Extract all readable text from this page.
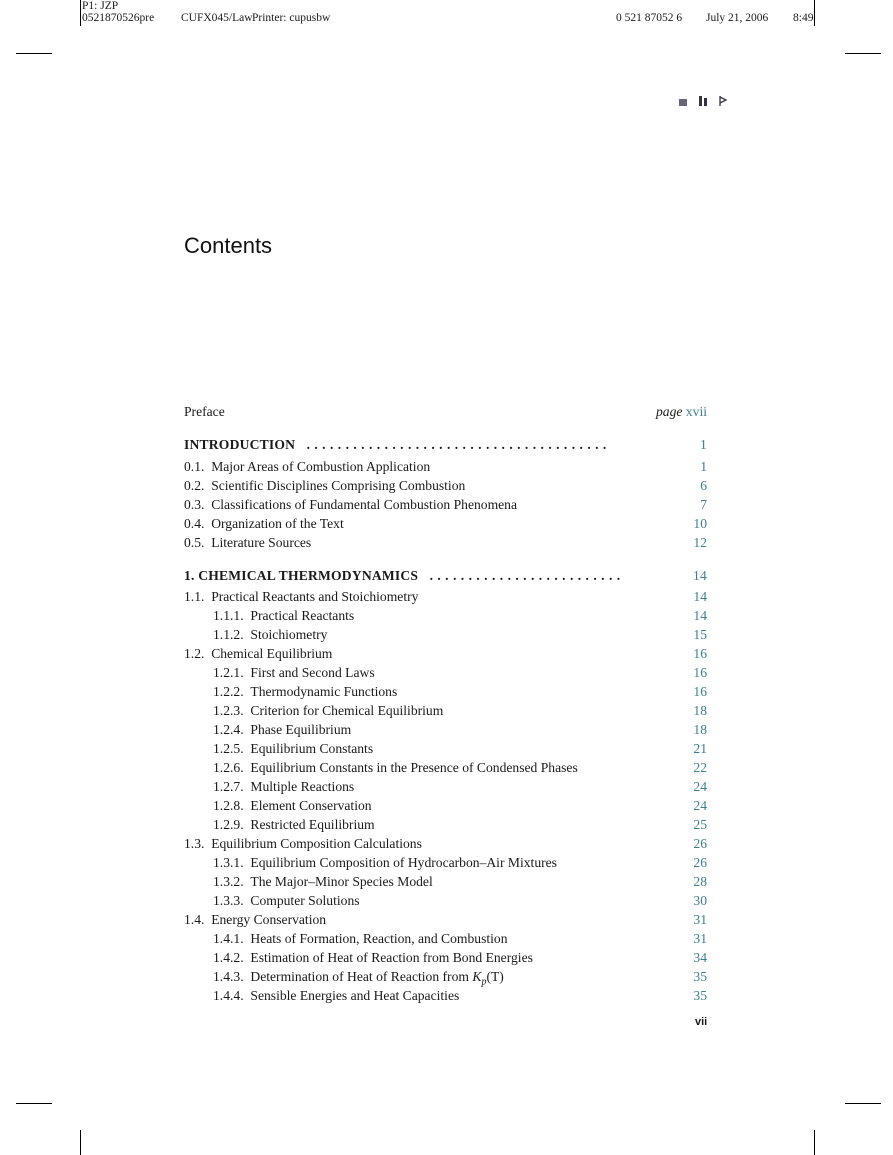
P1: JZP
0521870526pre CUFX045/Law Printer: cupusbw	0 521 87052 6 July 21, 2006 8:49
Contents
Preface	page xvii
INTRODUCTION  .......................................	1
0.1. Major Areas of Combustion Application	1
0.2. Scientific Disciplines Comprising Combustion	6
0.3. Classifications of Fundamental Combustion Phenomena	7
0.4. Organization of the Text	10
0.5. Literature Sources	12
1. CHEMICAL THERMODYNAMICS  .........................	14
1.1. Practical Reactants and Stoichiometry	14
1.1.1. Practical Reactants	14
1.1.2. Stoichiometry	15
1.2. Chemical Equilibrium	16
1.2.1. First and Second Laws	16
1.2.2. Thermodynamic Functions	16
1.2.3. Criterion for Chemical Equilibrium	18
1.2.4. Phase Equilibrium	18
1.2.5. Equilibrium Constants	21
1.2.6. Equilibrium Constants in the Presence of Condensed Phases	22
1.2.7. Multiple Reactions	24
1.2.8. Element Conservation	24
1.2.9. Restricted Equilibrium	25
1.3. Equilibrium Composition Calculations	26
1.3.1. Equilibrium Composition of Hydrocarbon–Air Mixtures	26
1.3.2. The Major–Minor Species Model	28
1.3.3. Computer Solutions	30
1.4. Energy Conservation	31
1.4.1. Heats of Formation, Reaction, and Combustion	31
1.4.2. Estimation of Heat of Reaction from Bond Energies	34
1.4.3. Determination of Heat of Reaction from $K_p(T)$	35
1.4.4. Sensible Energies and Heat Capacities	35
vii
